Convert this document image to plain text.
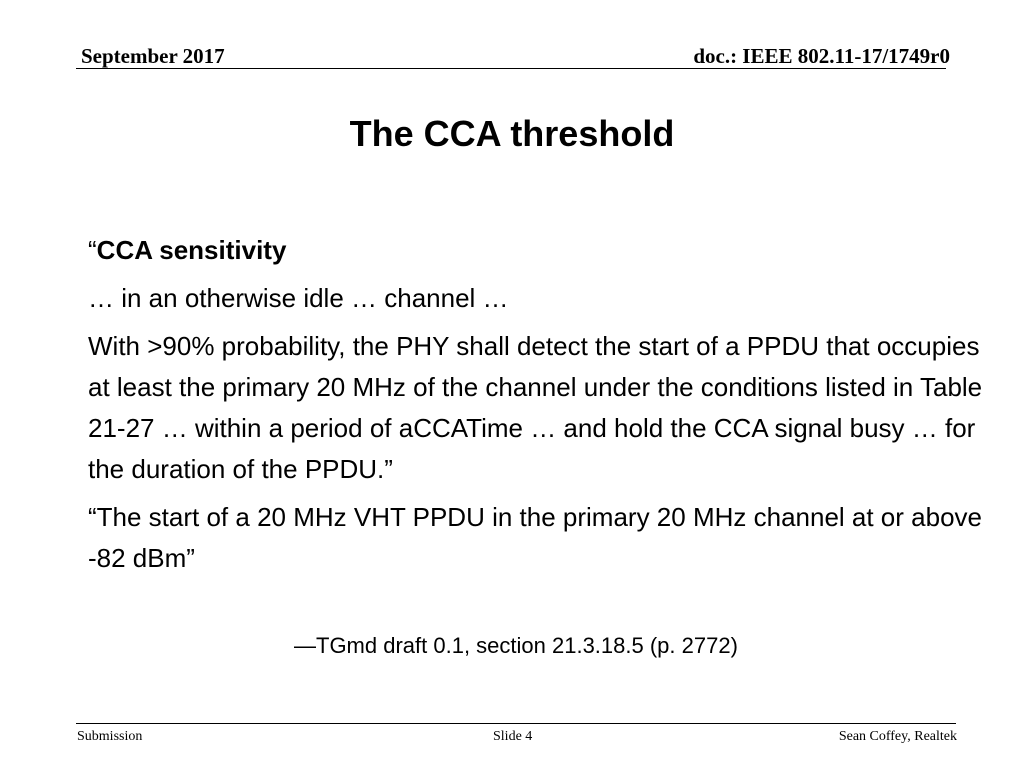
September 2017	doc.: IEEE 802.11-17/1749r0
The CCA threshold

“CCA sensitivity

… in an otherwise idle … channel …

With >90% probability, the PHY shall detect the start of a PPDU that occupies at least the primary 20 MHz of the channel under the conditions listed in Table 21-27 … within a period of aCCATime … and hold the CCA signal busy … for the duration of the PPDU.”

“The start of a 20 MHz VHT PPDU in the primary 20 MHz channel at or above -82 dBm”

—TGmd draft 0.1, section 21.3.18.5 (p. 2772)
Submission	Slide 4	Sean Coffey, Realtek
